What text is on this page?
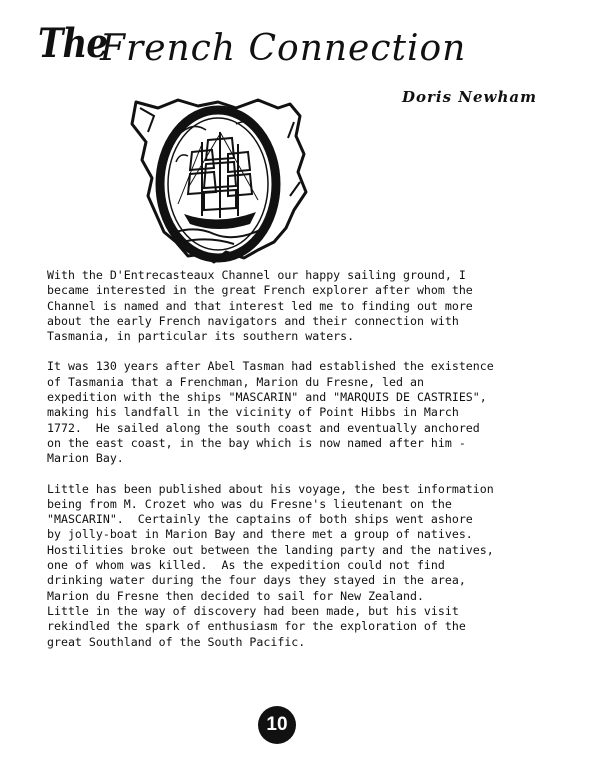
The
French Connection
Doris Newham

With the D'Entrecasteaux Channel our happy sailing ground, I
became interested in the great French explorer after whom the
Channel is named and that interest led me to finding out more
about the early French navigators and their connection with
Tasmania, in particular its southern waters.

It was 130 years after Abel Tasman had established the existence
of Tasmania that a Frenchman, Marion du Fresne, led an
expedition with the ships "MASCARIN" and "MARQUIS DE CASTRIES",
making his landfall in the vicinity of Point Hibbs in March
1772.  He sailed along the south coast and eventually anchored
on the east coast, in the bay which is now named after him -
Marion Bay.

Little has been published about his voyage, the best information
being from M. Crozet who was du Fresne's lieutenant on the
"MASCARIN".  Certainly the captains of both ships went ashore
by jolly-boat in Marion Bay and there met a group of natives.
Hostilities broke out between the landing party and the natives,
one of whom was killed.  As the expedition could not find
drinking water during the four days they stayed in the area,
Marion du Fresne then decided to sail for New Zealand.
Little in the way of discovery had been made, but his visit
rekindled the spark of enthusiasm for the exploration of the
great Southland of the South Pacific.

10
